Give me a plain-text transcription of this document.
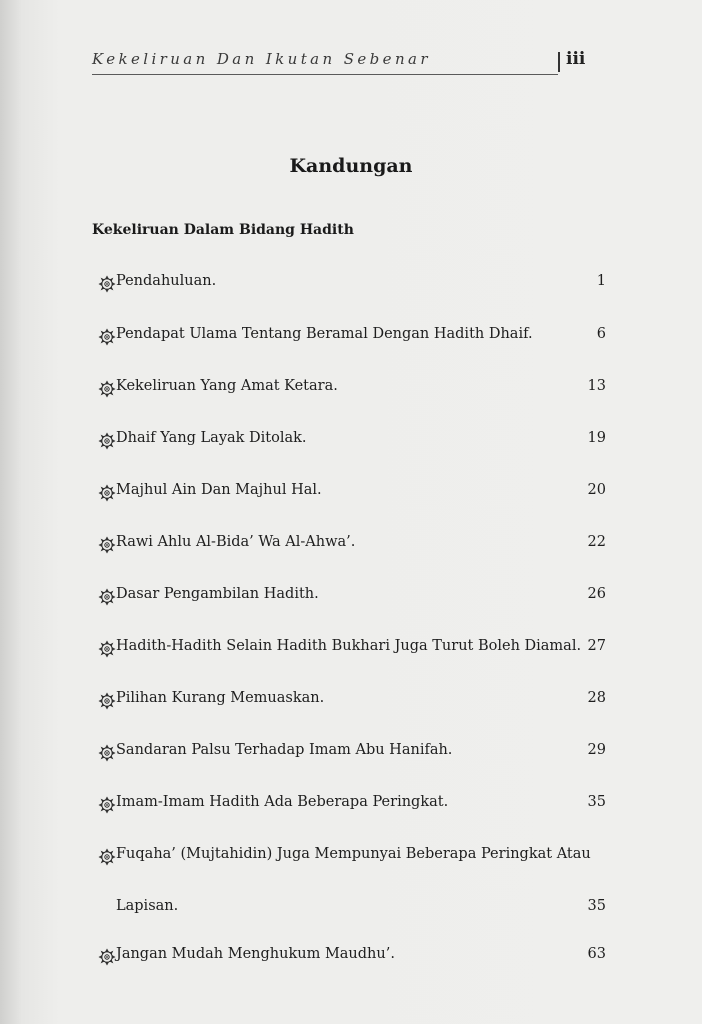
Kekeliruan Dan Ikutan Sebenar	iii
Kandungan
Kekeliruan Dalam Bidang Hadith
Pendahuluan.	1
Pendapat Ulama Tentang Beramal Dengan Hadith Dhaif.	6
Kekeliruan Yang Amat Ketara.	13
Dhaif Yang Layak Ditolak.	19
Majhul Ain Dan Majhul Hal.	20
Rawi Ahlu Al-Bida’ Wa Al-Ahwa’.	22
Dasar Pengambilan Hadith.	26
Hadith-Hadith Selain Hadith Bukhari Juga Turut Boleh Diamal. 27
Pilihan Kurang Memuaskan.	28
Sandaran Palsu Terhadap Imam Abu Hanifah.	29
Imam-Imam Hadith Ada Beberapa Peringkat.	35
Fuqaha’ (Mujtahidin) Juga Mempunyai Beberapa Peringkat Atau
Lapisan.	35
Jangan Mudah Menghukum Maudhu’.	63
